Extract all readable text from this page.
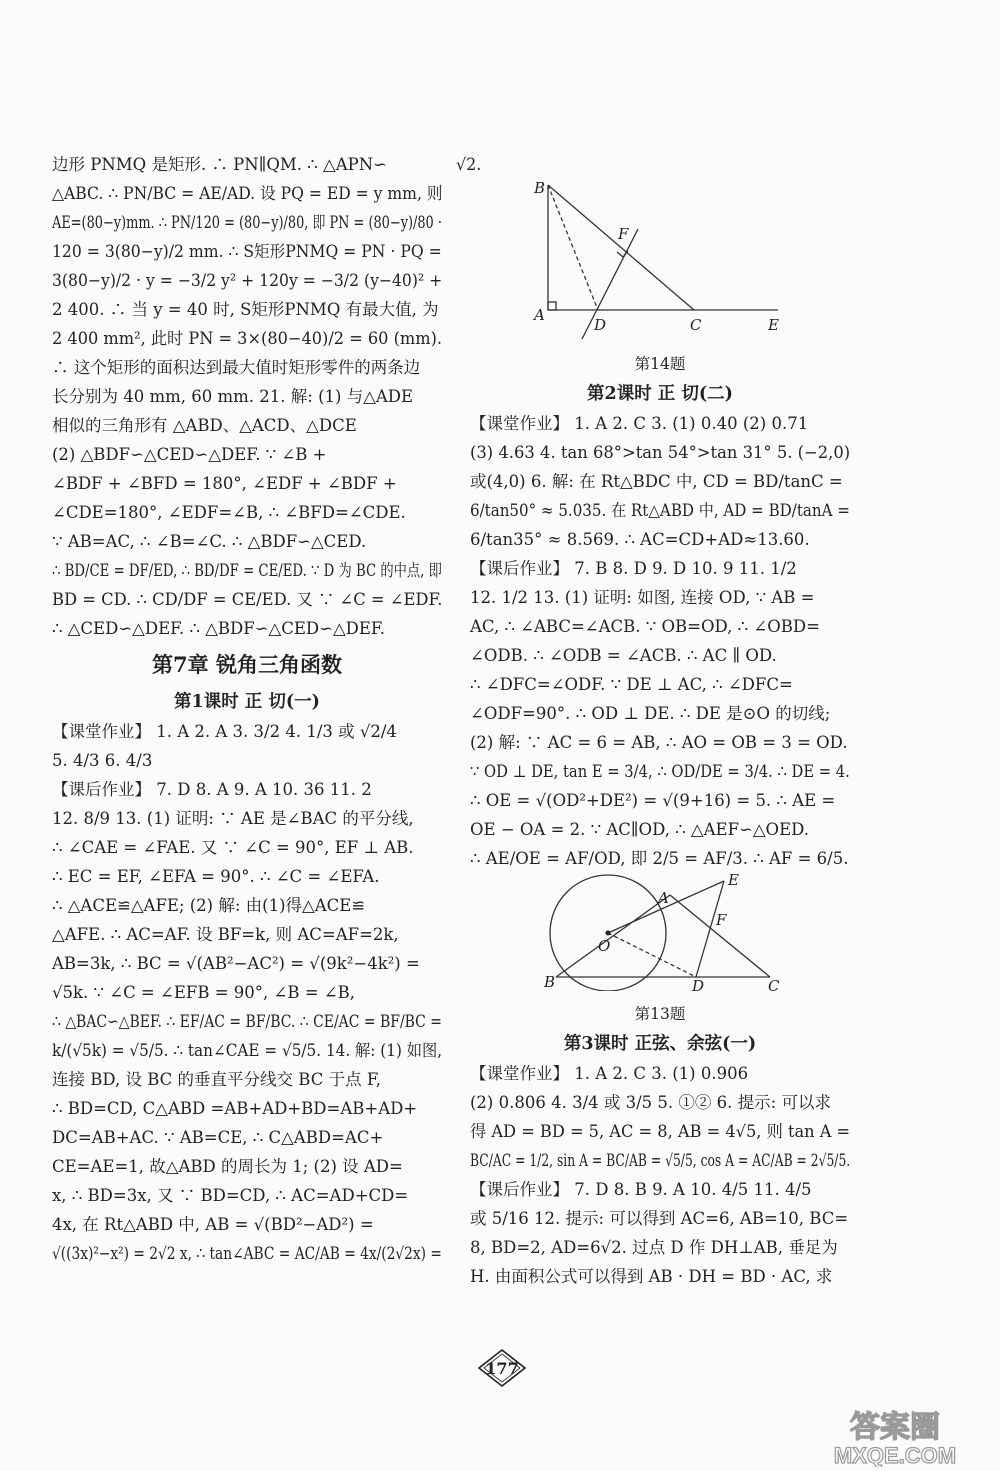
边形 PNMQ 是矩形. ∴ PN∥QM. ∴ △APN∽
△ABC. ∴ PN/BC = AE/AD. 设 PQ = ED = y mm, 则
AE=(80−y)mm. ∴ PN/120 = (80−y)/80, 即 PN = (80−y)/80 ·
120 = 3(80−y)/2 mm. ∴ S矩形PNMQ = PN · PQ =
3(80−y)/2 · y = −3/2 y² + 120y = −3/2 (y−40)² +
2 400. ∴ 当 y = 40 时, S矩形PNMQ 有最大值, 为
2 400 mm², 此时 PN = 3×(80−40)/2 = 60 (mm).
∴ 这个矩形的面积达到最大值时矩形零件的两条边
长分别为 40 mm, 60 mm. 21. 解: (1) 与△ADE
相似的三角形有 △ABD、△ACD、△DCE
(2) △BDF∽△CED∽△DEF. ∵ ∠B +
∠BDF + ∠BFD = 180°, ∠EDF + ∠BDF +
∠CDE=180°, ∠EDF=∠B, ∴ ∠BFD=∠CDE.
∵ AB=AC, ∴ ∠B=∠C. ∴ △BDF∽△CED.
∴ BD/CE = DF/ED, ∴ BD/DF = CE/ED. ∵ D 为 BC 的中点, 即
BD = CD. ∴ CD/DF = CE/ED. 又 ∵ ∠C = ∠EDF.
∴ △CED∽△DEF. ∴ △BDF∽△CED∽△DEF.
第7章 锐角三角函数
第1课时 正 切(一)
【课堂作业】 1. A 2. A 3. 3/2 4. 1/3 或 √2/4
5. 4/3 6. 4/3
【课后作业】 7. D 8. A 9. A 10. 36 11. 2
12. 8/9 13. (1) 证明: ∵ AE 是∠BAC 的平分线,
∴ ∠CAE = ∠FAE. 又 ∵ ∠C = 90°, EF ⊥ AB.
∴ EC = EF, ∠EFA = 90°. ∴ ∠C = ∠EFA.
∴ △ACE≌△AFE; (2) 解: 由(1)得△ACE≌
△AFE. ∴ AC=AF. 设 BF=k, 则 AC=AF=2k,
AB=3k, ∴ BC = √(AB²−AC²) = √(9k²−4k²) =
√5k. ∵ ∠C = ∠EFB = 90°, ∠B = ∠B,
∴ △BAC∽△BEF. ∴ EF/AC = BF/BC. ∴ CE/AC = BF/BC =
k/(√5k) = √5/5. ∴ tan∠CAE = √5/5. 14. 解: (1) 如图,
连接 BD, 设 BC 的垂直平分线交 BC 于点 F,
∴ BD=CD, C△ABD =AB+AD+BD=AB+AD+
DC=AB+AC. ∵ AB=CE, ∴ C△ABD=AC+
CE=AE=1, 故△ABD 的周长为 1; (2) 设 AD=
x, ∴ BD=3x, 又 ∵ BD=CD, ∴ AC=AD+CD=
4x, 在 Rt△ABD 中, AB = √(BD²−AD²) =
√((3x)²−x²) = 2√2 x, ∴ tan∠ABC = AC/AB = 4x/(2√2x) =
√2.
B
A
D	C	E
F
第14题
第2课时 正 切(二)
【课堂作业】 1. A 2. C 3. (1) 0.40 (2) 0.71
(3) 4.63 4. tan 68°>tan 54°>tan 31° 5. (−2,0)
或(4,0) 6. 解: 在 Rt△BDC 中, CD = BD/tanC =
6/tan50° ≈ 5.035. 在 Rt△ABD 中, AD = BD/tanA =
6/tan35° ≈ 8.569. ∴ AC=CD+AD≈13.60.
【课后作业】 7. B 8. D 9. D 10. 9 11. 1/2
12. 1/2 13. (1) 证明: 如图, 连接 OD, ∵ AB =
AC, ∴ ∠ABC=∠ACB. ∵ OB=OD, ∴ ∠OBD=
∠ODB. ∴ ∠ODB = ∠ACB. ∴ AC ∥ OD.
∴ ∠DFC=∠ODF. ∵ DE ⊥ AC, ∴ ∠DFC=
∠ODF=90°. ∴ OD ⊥ DE. ∴ DE 是⊙O 的切线;
(2) 解: ∵ AC = 6 = AB, ∴ AO = OB = 3 = OD.
∵ OD ⊥ DE, tan E = 3/4, ∴ OD/DE = 3/4. ∴ DE = 4.
∴ OE = √(OD²+DE²) = √(9+16) = 5. ∴ AE =
OE − OA = 2. ∵ AC∥OD, ∴ △AEF∽△OED.
∴ AE/OE = AF/OD, 即 2/5 = AF/3. ∴ AF = 6/5.
B	D	C
A
E
F
O
第13题
第3课时 正弦、余弦(一)
【课堂作业】 1. A 2. C 3. (1) 0.906
(2) 0.806 4. 3/4 或 3/5 5. ①② 6. 提示: 可以求
得 AD = BD = 5, AC = 8, AB = 4√5, 则 tan A =
BC/AC = 1/2, sin A = BC/AB = √5/5, cos A = AC/AB = 2√5/5.
【课后作业】 7. D 8. B 9. A 10. 4/5 11. 4/5
或 5/16 12. 提示: 可以得到 AC=6, AB=10, BC=
8, BD=2, AD=6√2. 过点 D 作 DH⊥AB, 垂足为
H. 由面积公式可以得到 AB · DH = BD · AC, 求
177
答案圈
MXQE.COM
